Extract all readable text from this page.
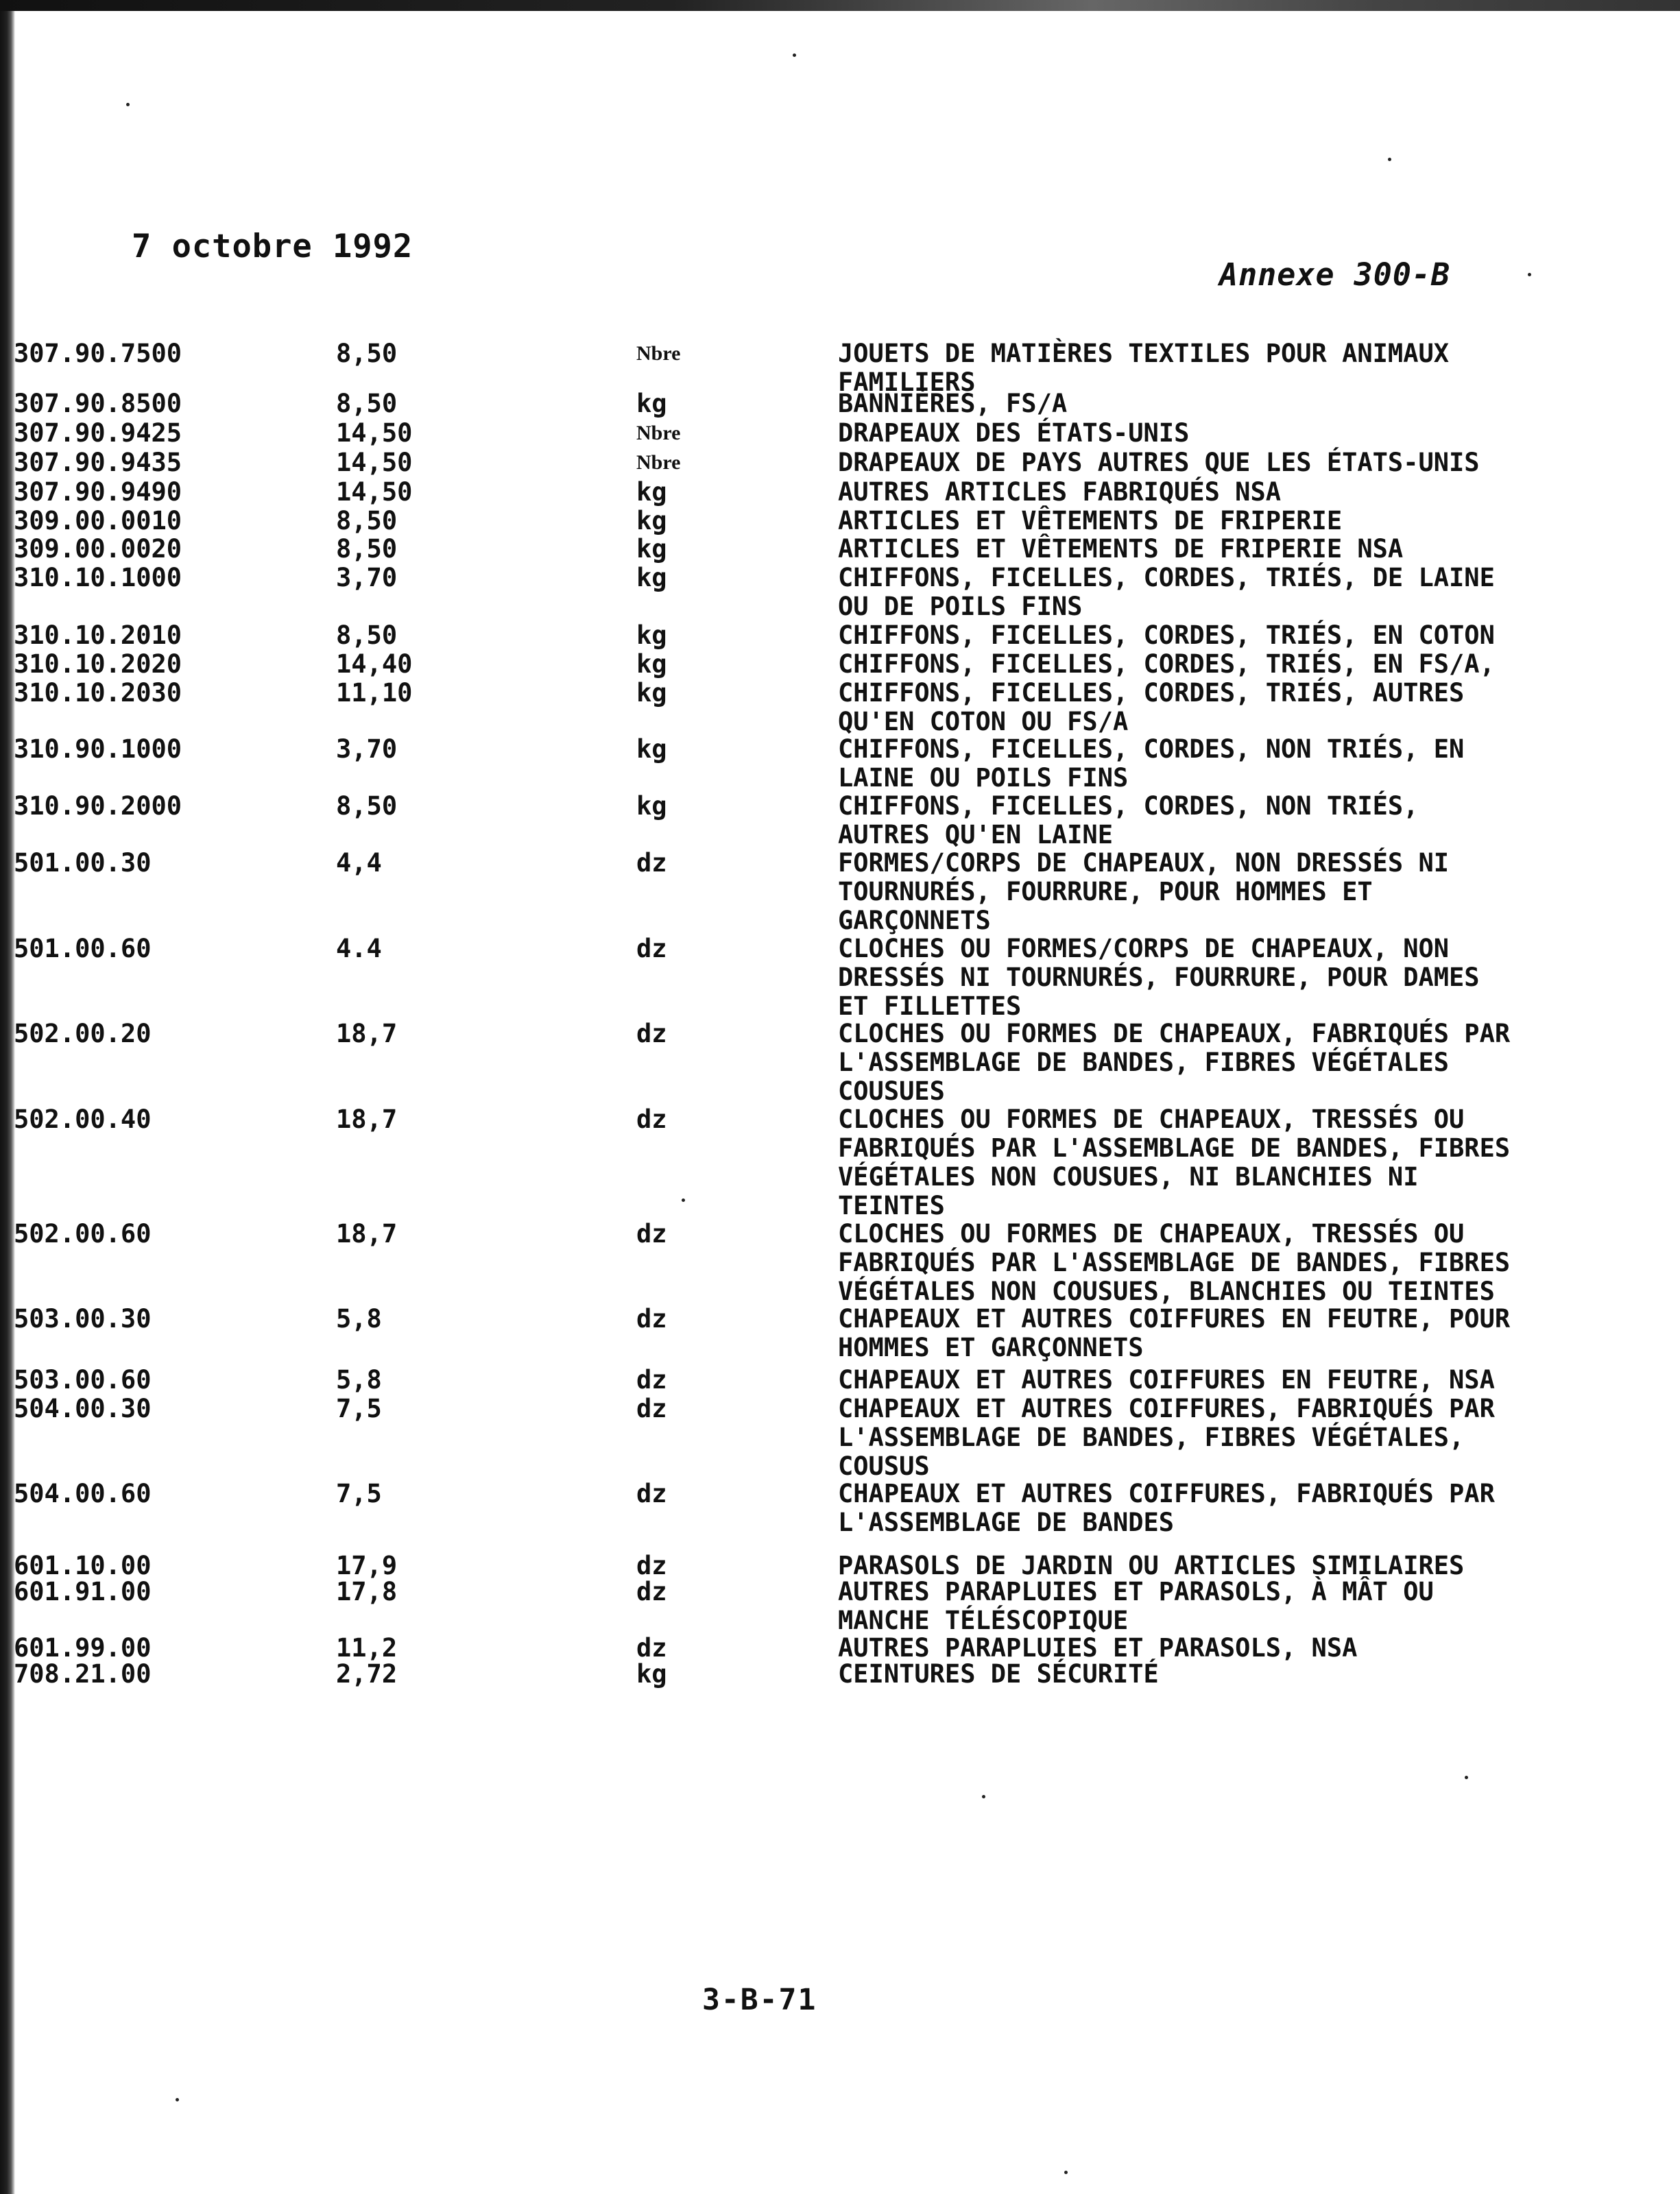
7 octobre 1992
Annexe 300-B
307.90.7500	8,50	Nbre	JOUETS DE MATIÈRES TEXTILES POUR ANIMAUX
FAMILIERS
307.90.8500	8,50	kg	BANNIÈRES, FS/A
307.90.9425	14,50	Nbre	DRAPEAUX DES ÉTATS-UNIS
307.90.9435	14,50	Nbre	DRAPEAUX DE PAYS AUTRES QUE LES ÉTATS-UNIS
307.90.9490	14,50	kg	AUTRES ARTICLES FABRIQUÉS NSA
309.00.0010	8,50	kg	ARTICLES ET VÊTEMENTS DE FRIPERIE
309.00.0020	8,50	kg	ARTICLES ET VÊTEMENTS DE FRIPERIE NSA
310.10.1000	3,70	kg	CHIFFONS, FICELLES, CORDES, TRIÉS, DE LAINE
OU DE POILS FINS
310.10.2010	8,50	kg	CHIFFONS, FICELLES, CORDES, TRIÉS, EN COTON
310.10.2020	14,40	kg	CHIFFONS, FICELLES, CORDES, TRIÉS, EN FS/A,
310.10.2030	11,10	kg	CHIFFONS, FICELLES, CORDES, TRIÉS, AUTRES
QU'EN COTON OU FS/A
310.90.1000	3,70	kg	CHIFFONS, FICELLES, CORDES, NON TRIÉS, EN
LAINE OU POILS FINS
310.90.2000	8,50	kg	CHIFFONS, FICELLES, CORDES, NON TRIÉS,
AUTRES QU'EN LAINE
501.00.30	4,4	dz	FORMES/CORPS DE CHAPEAUX, NON DRESSÉS NI
TOURNURÉS, FOURRURE, POUR HOMMES ET
GARÇONNETS
501.00.60	4.4	dz	CLOCHES OU FORMES/CORPS DE CHAPEAUX, NON
DRESSÉS NI TOURNURÉS, FOURRURE, POUR DAMES
ET FILLETTES
502.00.20	18,7	dz	CLOCHES OU FORMES DE CHAPEAUX, FABRIQUÉS PAR
L'ASSEMBLAGE DE BANDES, FIBRES VÉGÉTALES
COUSUES
502.00.40	18,7	dz	CLOCHES OU FORMES DE CHAPEAUX, TRESSÉS OU
FABRIQUÉS PAR L'ASSEMBLAGE DE BANDES, FIBRES
VÉGÉTALES NON COUSUES, NI BLANCHIES NI
TEINTES
502.00.60	18,7	dz	CLOCHES OU FORMES DE CHAPEAUX, TRESSÉS OU
FABRIQUÉS PAR L'ASSEMBLAGE DE BANDES, FIBRES
VÉGÉTALES NON COUSUES, BLANCHIES OU TEINTES
503.00.30	5,8	dz	CHAPEAUX ET AUTRES COIFFURES EN FEUTRE, POUR
HOMMES ET GARÇONNETS
503.00.60	5,8	dz	CHAPEAUX ET AUTRES COIFFURES EN FEUTRE, NSA
504.00.30	7,5	dz	CHAPEAUX ET AUTRES COIFFURES, FABRIQUÉS PAR
L'ASSEMBLAGE DE BANDES, FIBRES VÉGÉTALES,
COUSUS
504.00.60	7,5	dz	CHAPEAUX ET AUTRES COIFFURES, FABRIQUÉS PAR
L'ASSEMBLAGE DE BANDES
601.10.00	17,9	dz	PARASOLS DE JARDIN OU ARTICLES SIMILAIRES
601.91.00	17,8	dz	AUTRES PARAPLUIES ET PARASOLS, À MÂT OU
MANCHE TÉLÉSCOPIQUE
601.99.00	11,2	dz	AUTRES PARAPLUIES ET PARASOLS, NSA
708.21.00	2,72	kg	CEINTURES DE SÉCURITÉ
3-B-71
